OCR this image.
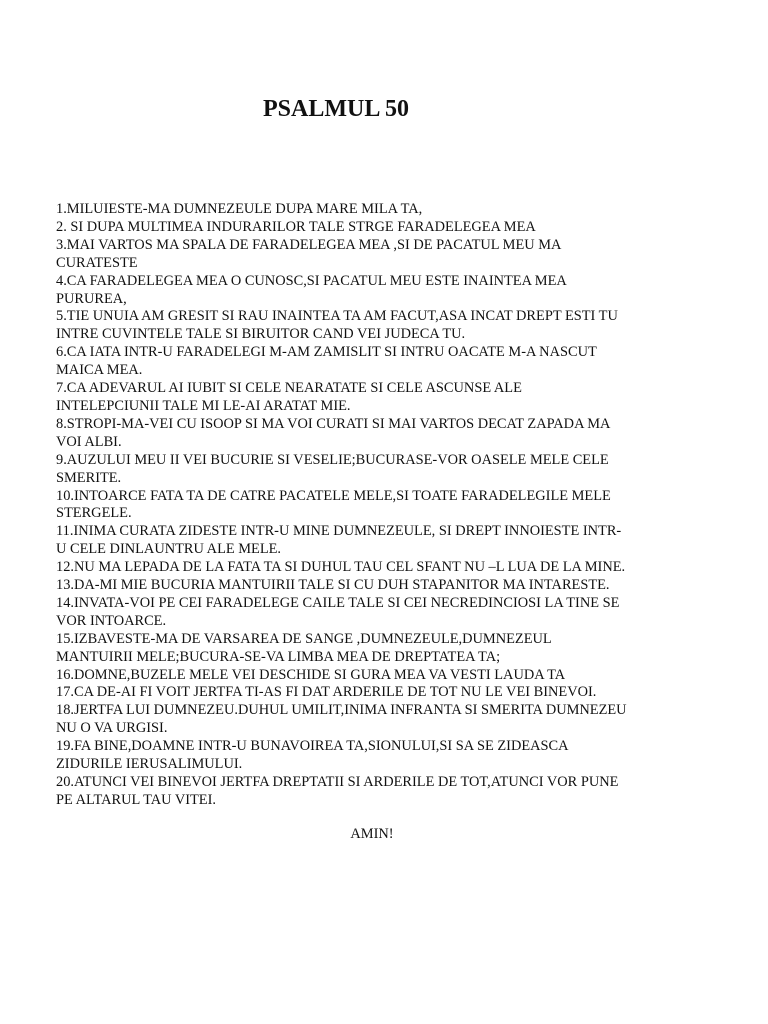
PSALMUL 50
1.MILUIESTE-MA DUMNEZEULE DUPA MARE MILA TA,
2. SI DUPA MULTIMEA INDURARILOR TALE STRGE FARADELEGEA MEA
3.MAI VARTOS MA SPALA DE FARADELEGEA MEA ,SI DE PACATUL MEU MA
CURATESTE
4.CA FARADELEGEA MEA O CUNOSC,SI PACATUL MEU ESTE INAINTEA MEA
PURUREA,
5.TIE UNUIA AM GRESIT SI RAU INAINTEA TA AM FACUT,ASA INCAT DREPT ESTI TU
INTRE CUVINTELE TALE SI BIRUITOR CAND VEI JUDECA TU.
6.CA IATA INTR-U FARADELEGI M-AM ZAMISLIT SI INTRU OACATE M-A NASCUT
MAICA MEA.
7.CA ADEVARUL AI IUBIT SI CELE NEARATATE SI CELE ASCUNSE ALE
INTELEPCIUNII TALE MI LE-AI ARATAT MIE.
8.STROPI-MA-VEI CU ISOOP SI MA VOI CURATI SI MAI VARTOS DECAT ZAPADA MA
VOI ALBI.
9.AUZULUI MEU II VEI BUCURIE SI VESELIE;BUCURASE-VOR OASELE MELE CELE
SMERITE.
10.INTOARCE FATA TA DE CATRE PACATELE MELE,SI TOATE FARADELEGILE MELE
STERGELE.
11.INIMA CURATA ZIDESTE INTR-U MINE DUMNEZEULE, SI DREPT INNOIESTE INTR-
U CELE DINLAUNTRU ALE MELE.
12.NU MA LEPADA DE LA FATA TA SI DUHUL TAU CEL SFANT NU –L LUA DE LA MINE.
13.DA-MI MIE BUCURIA MANTUIRII TALE SI CU DUH STAPANITOR MA INTARESTE.
14.INVATA-VOI PE CEI FARADELEGE CAILE TALE SI CEI NECREDINCIOSI LA TINE SE
VOR INTOARCE.
15.IZBAVESTE-MA DE VARSAREA DE SANGE ,DUMNEZEULE,DUMNEZEUL
MANTUIRII MELE;BUCURA-SE-VA LIMBA MEA DE DREPTATEA TA;
16.DOMNE,BUZELE MELE VEI DESCHIDE SI GURA MEA VA VESTI LAUDA TA
17.CA DE-AI FI VOIT JERTFA TI-AS FI DAT ARDERILE DE TOT NU LE VEI BINEVOI.
18.JERTFA LUI DUMNEZEU.DUHUL UMILIT,INIMA INFRANTA SI SMERITA DUMNEZEU
NU O VA URGISI.
19.FA BINE,DOAMNE INTR-U BUNAVOIREA TA,SIONULUI,SI SA SE ZIDEASCA
ZIDURILE IERUSALIMULUI.
20.ATUNCI VEI BINEVOI JERTFA DREPTATII SI ARDERILE DE TOT,ATUNCI VOR PUNE
PE ALTARUL TAU VITEI.

AMIN!
